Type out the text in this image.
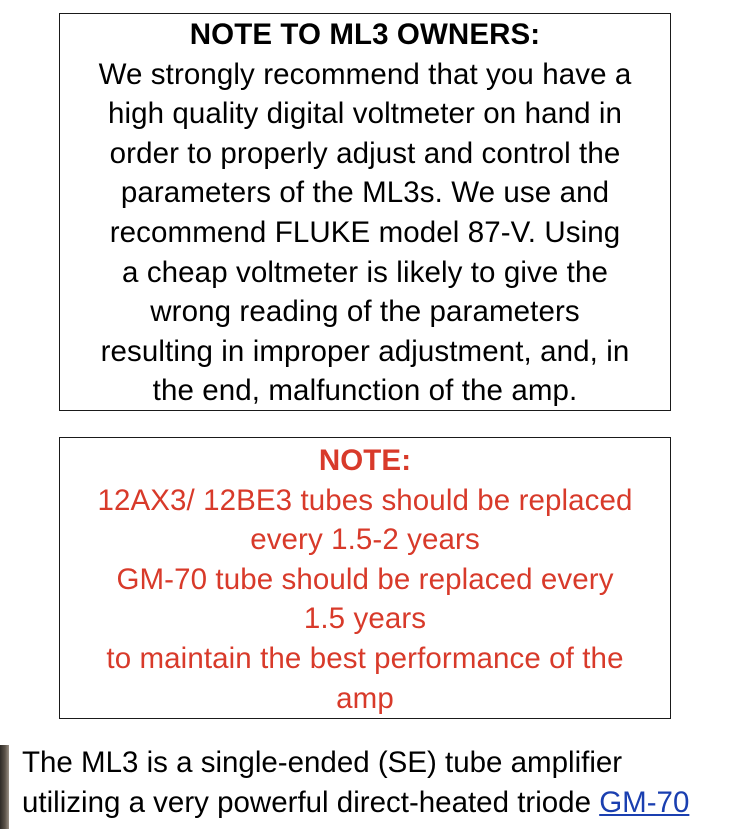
NOTE TO ML3 OWNERS:
We strongly recommend that you have a
high quality digital voltmeter on hand in
order to properly adjust and control the
parameters of the ML3s. We use and
recommend FLUKE model 87-V. Using
a cheap voltmeter is likely to give the
wrong reading of the parameters
resulting in improper adjustment, and, in
the end, malfunction of the amp.
NOTE:
12AX3/ 12BE3 tubes should be replaced
every 1.5-2 years
GM-70 tube should be replaced every
1.5 years
to maintain the best performance of the
amp
The ML3 is a single-ended (SE) tube amplifier
utilizing a very powerful direct-heated triode GM-70
